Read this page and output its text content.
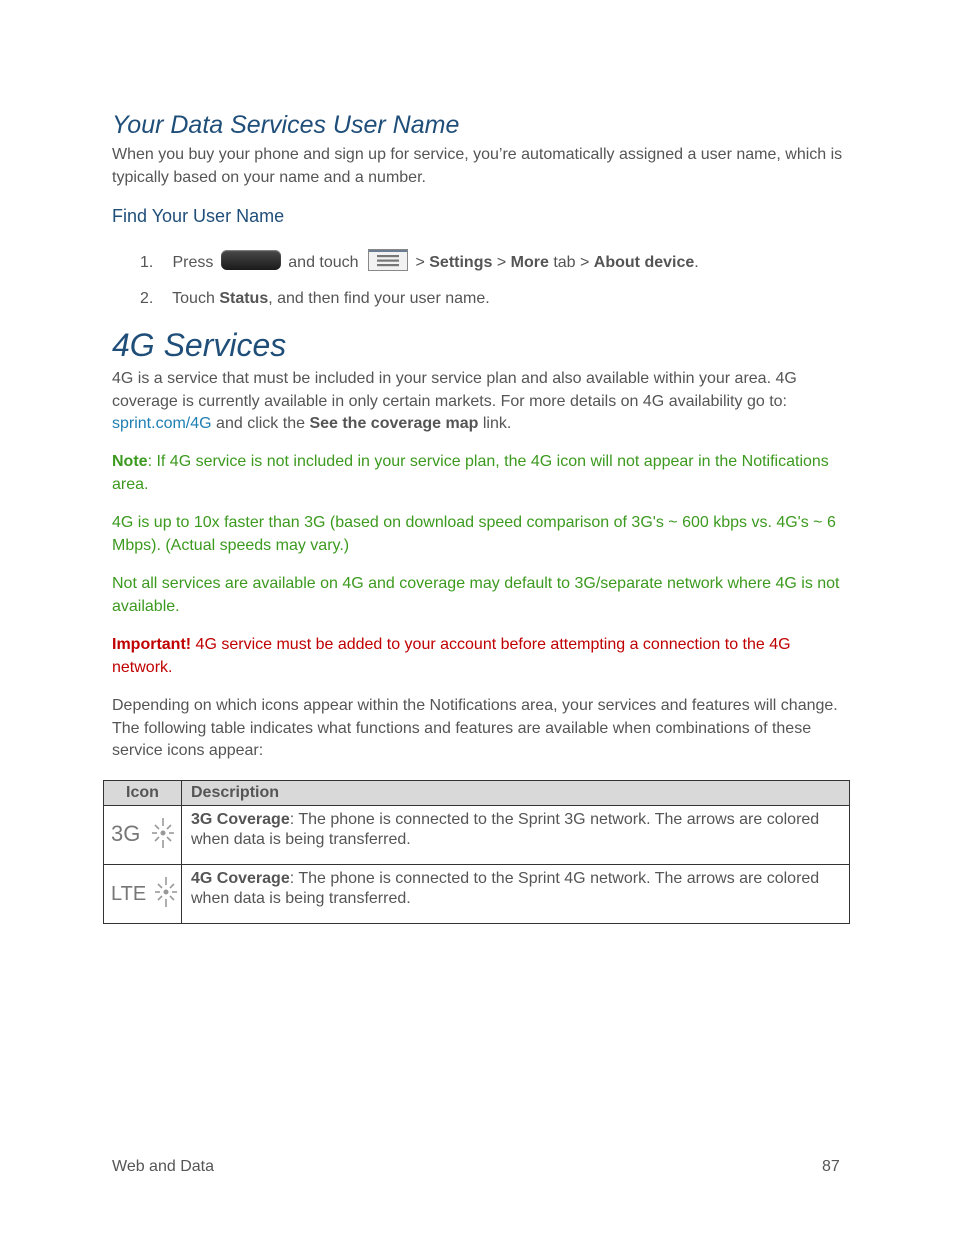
Your Data Services User Name

When you buy your phone and sign up for service, you’re automatically assigned a user name, which is typically based on your name and a number.

Find Your User Name
1. Press	and touch	> Settings > More tab > About device.
2. Touch Status, and then find your user name.
4G Services

4G is a service that must be included in your service plan and also available within your area. 4G coverage is currently available in only certain markets. For more details on 4G availability go to: sprint.com/4G and click the See the coverage map link.

Note: If 4G service is not included in your service plan, the 4G icon will not appear in the Notifications area.

4G is up to 10x faster than 3G (based on download speed comparison of 3G's ~ 600 kbps vs. 4G's ~ 6 Mbps). (Actual speeds may vary.)

Not all services are available on 4G and coverage may default to 3G/separate network where 4G is not available.

Important! 4G service must be added to your account before attempting a connection to the 4G network.

Depending on which icons appear within the Notifications area, your services and features will change. The following table indicates what functions and features are available when combinations of these service icons appear:

Icon	Description

3G	3G Coverage: The phone is connected to the Sprint 3G network. The arrows are colored when data is being transferred.

LTE	4G Coverage: The phone is connected to the Sprint 4G network. The arrows are colored when data is being transferred.
Web and Data	87
